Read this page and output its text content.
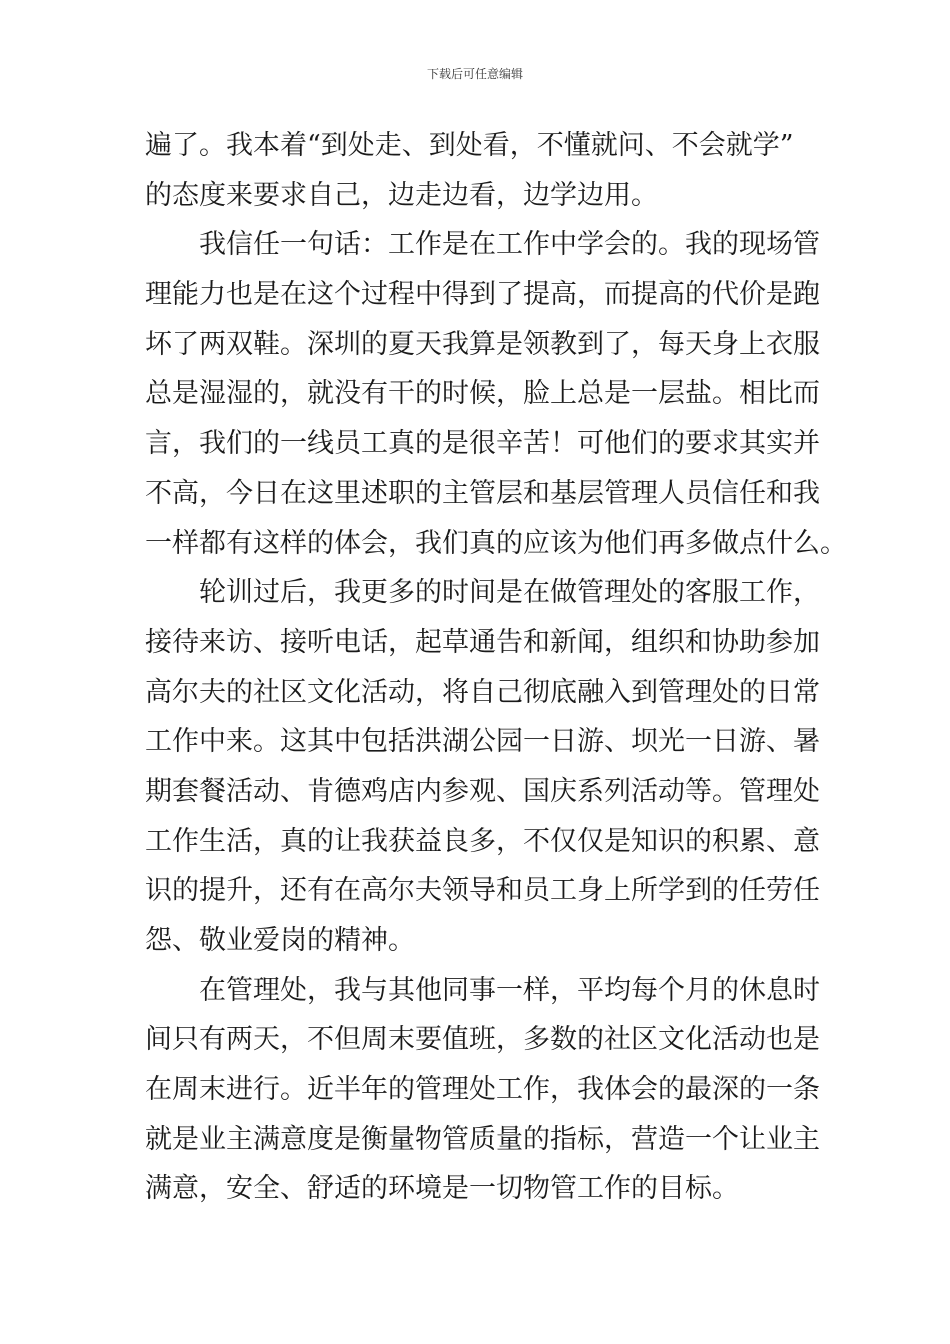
下载后可任意编辑
遍了。我本着“到处走、到处看，不懂就问、不会就学”
的态度来要求自己，边走边看，边学边用。
我信任一句话：工作是在工作中学会的。我的现场管
理能力也是在这个过程中得到了提高，而提高的代价是跑
坏了两双鞋。深圳的夏天我算是领教到了，每天身上衣服
总是湿湿的，就没有干的时候，脸上总是一层盐。相比而
言，我们的一线员工真的是很辛苦！可他们的要求其实并
不高，今日在这里述职的主管层和基层管理人员信任和我
一样都有这样的体会，我们真的应该为他们再多做点什么。
轮训过后，我更多的时间是在做管理处的客服工作，
接待来访、接听电话，起草通告和新闻，组织和协助参加
高尔夫的社区文化活动，将自己彻底融入到管理处的日常
工作中来。这其中包括洪湖公园一日游、坝光一日游、暑
期套餐活动、肯德鸡店内参观、国庆系列活动等。管理处
工作生活，真的让我获益良多，不仅仅是知识的积累、意
识的提升，还有在高尔夫领导和员工身上所学到的任劳任
怨、敬业爱岗的精神。
在管理处，我与其他同事一样，平均每个月的休息时
间只有两天，不但周末要值班，多数的社区文化活动也是
在周末进行。近半年的管理处工作，我体会的最深的一条
就是业主满意度是衡量物管质量的指标，营造一个让业主
满意，安全、舒适的环境是一切物管工作的目标。
